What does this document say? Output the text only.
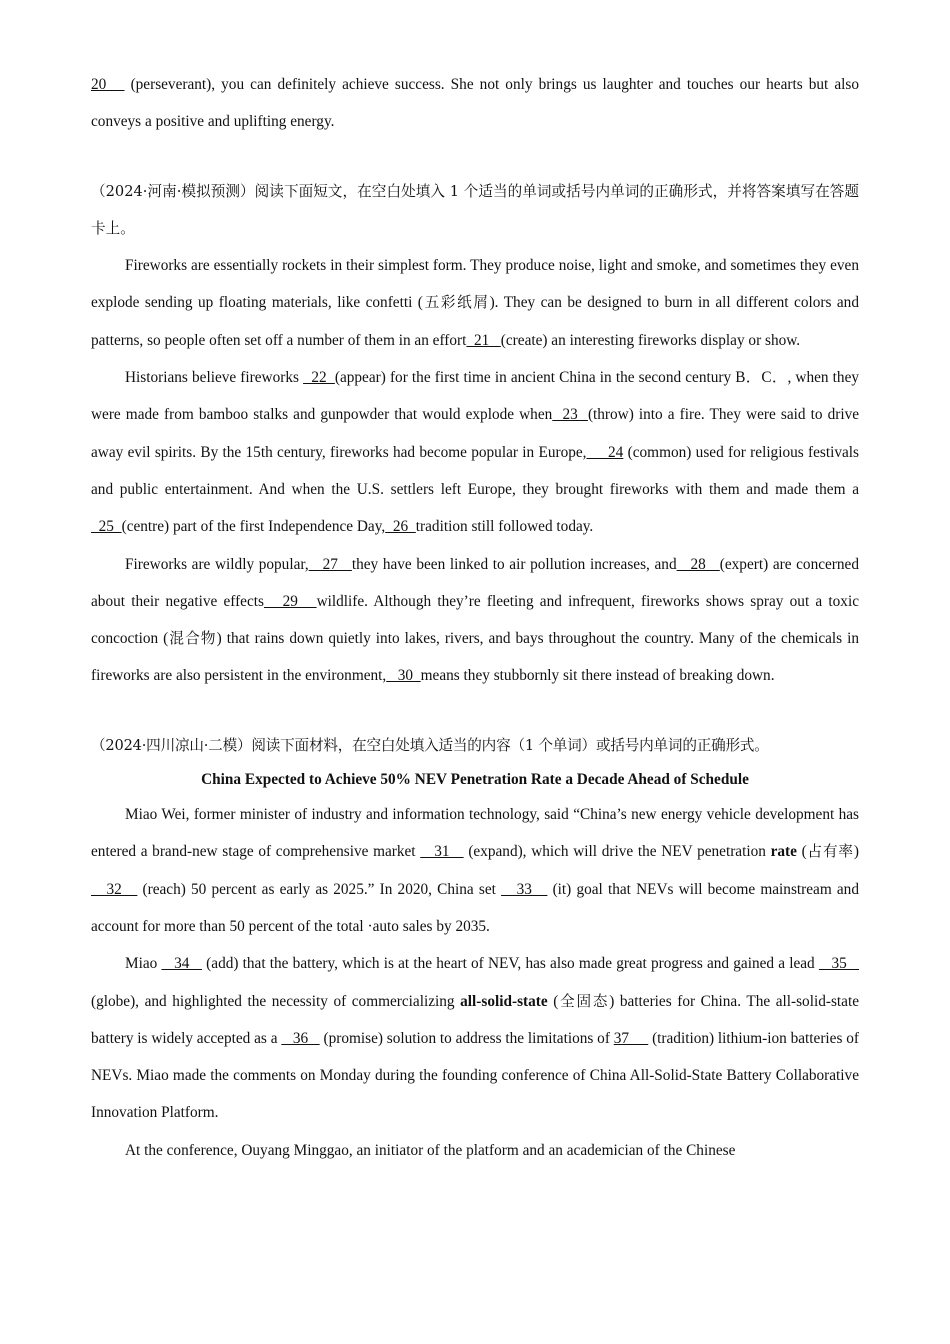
20    (perseverant), you can definitely achieve success. She not only brings us laughter and touches our hearts but also conveys a positive and uplifting energy.

（2024·河南·模拟预测）阅读下面短文，在空白处填入 1 个适当的单词或括号内单词的正确形式，并将答案填写在答题卡上。

Fireworks are essentially rockets in their simplest form. They produce noise, light and smoke, and sometimes they even explode sending up floating materials, like confetti (五彩纸屑). They can be designed to burn in all different colors and patterns, so people often set off a number of them in an effort  21   (create) an interesting fireworks display or show.

Historians believe fireworks   22  (appear) for the first time in ancient China in the second century B．C．, when they were made from bamboo stalks and gunpowder that would explode when  23  (throw) into a fire. They were said to drive away evil spirits. By the 15th century, fireworks had become popular in Europe,     24 (common) used for religious festivals and public entertainment. And when the U.S. settlers left Europe, they brought fireworks with them and made them a  25  (centre) part of the first Independence Day,  26  tradition still followed today.

Fireworks are wildly popular,   27   they have been linked to air pollution increases, and   28   (expert) are concerned about their negative effects   29   wildlife. Although they’re fleeting and infrequent, fireworks shows spray out a toxic concoction (混合物) that rains down quietly into lakes, rivers, and bays throughout the country. Many of the chemicals in fireworks are also persistent in the environment,   30  means they stubbornly sit there instead of breaking down.

（2024·四川凉山·二模）阅读下面材料，在空白处填入适当的内容（1 个单词）或括号内单词的正确形式。

China Expected to Achieve 50% NEV Penetration Rate a Decade Ahead of Schedule

Miao Wei, former minister of industry and information technology, said “China’s new energy vehicle development has entered a brand-new stage of comprehensive market    31    (expand), which will drive the NEV penetration rate (占有率)    32    (reach) 50 percent as early as 2025.” In 2020, China set    33    (it) goal that NEVs will become mainstream and account for more than 50 percent of the total ·auto sales by 2035.

Miao    34    (add) that the battery, which is at the heart of NEV, has also made great progress and gained a lead    35    (globe), and highlighted the necessity of commercializing all-solid-state (全固态) batteries for China. The all-solid-state battery is widely accepted as a    36    (promise) solution to address the limitations of 37      (tradition) lithium-ion batteries of NEVs. Miao made the comments on Monday during the founding conference of China All-Solid-State Battery Collaborative Innovation Platform.

At the conference, Ouyang Minggao, an initiator of the platform and an academician of the Chinese
